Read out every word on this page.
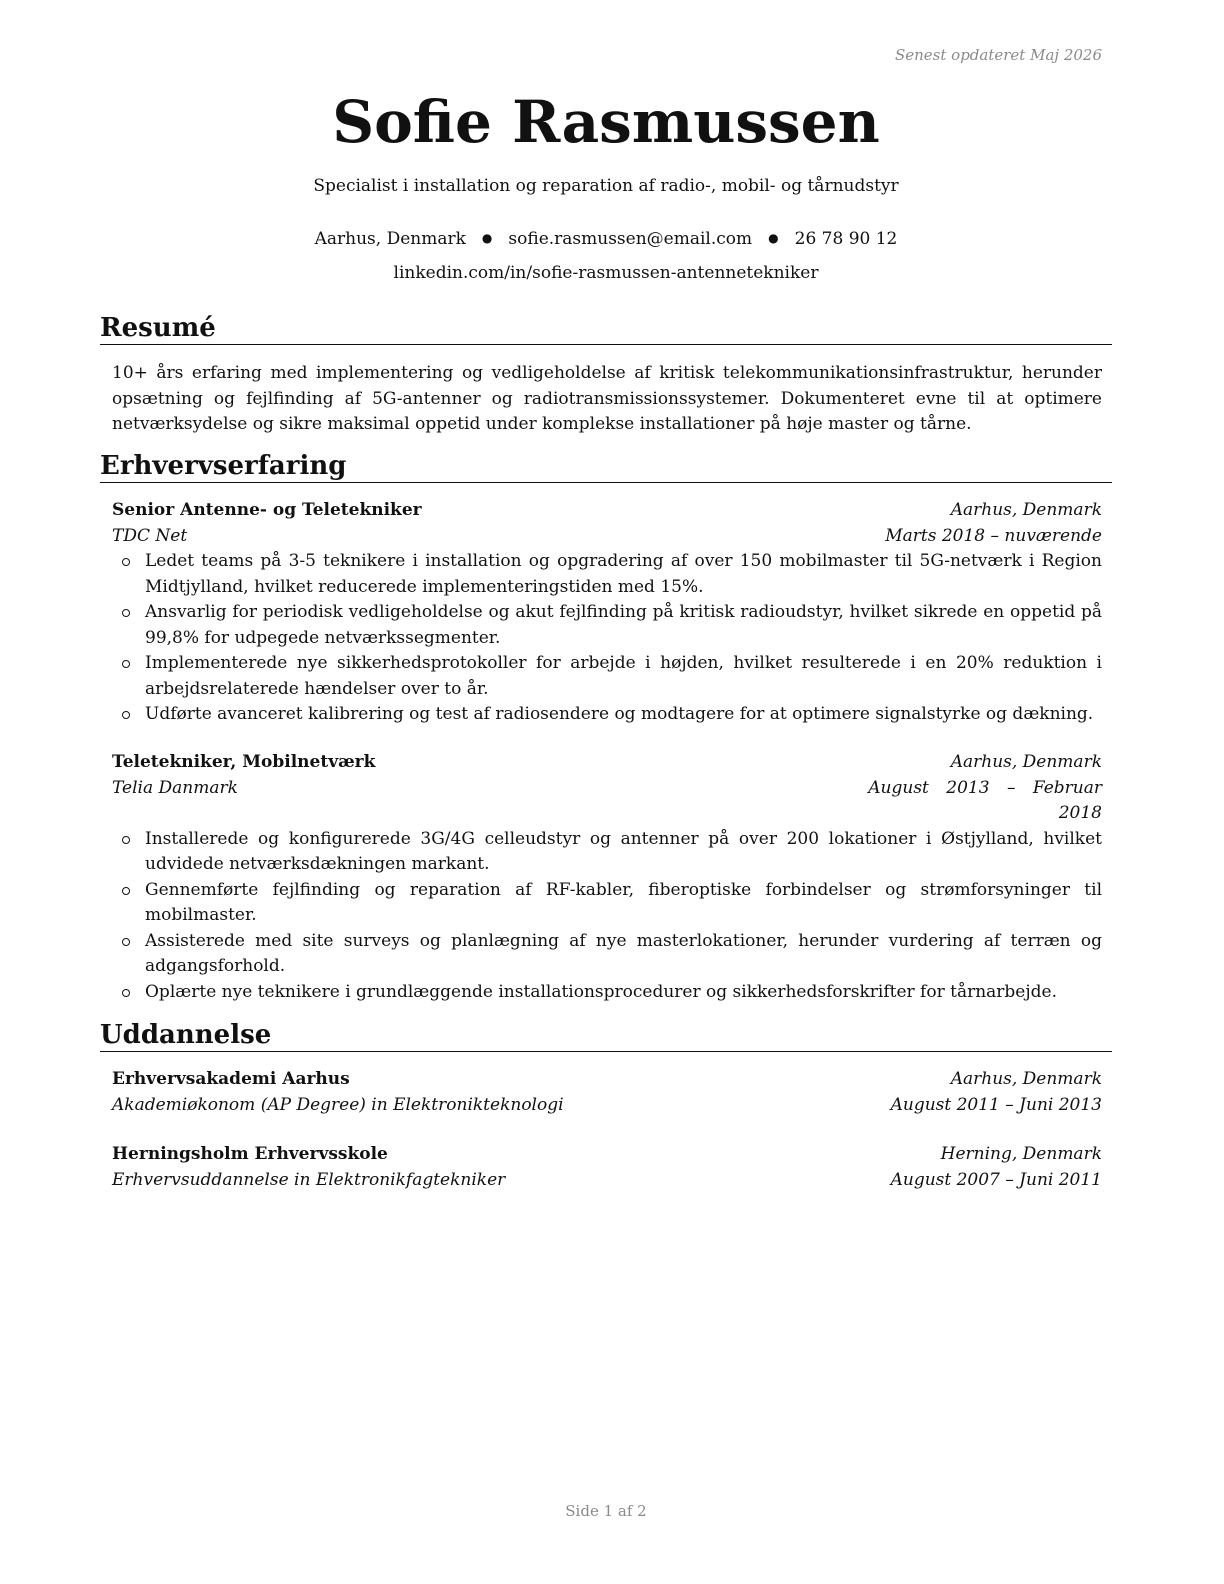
Senest opdateret Maj 2026
Sofie Rasmussen
Specialist i installation og reparation af radio-, mobil- og tårnudstyr
Aarhus, Denmark ● sofie.rasmussen@email.com ● 26 78 90 12
linkedin.com/in/sofie-rasmussen-antennetekniker
Resumé
10+ års erfaring med implementering og vedligeholdelse af kritisk telekommunikationsinfrastruktur, herunder opsætning og fejlfinding af 5G-antenner og radiotransmissionssystemer. Dokumenteret evne til at optimere netværksydelse og sikre maksimal oppetid under komplekse installationer på høje master og tårne.
Erhvervserfaring
Senior Antenne- og Teletekniker	Aarhus, Denmark
TDC Net	Marts 2018 – nuværende
Ledet teams på 3-5 teknikere i installation og opgradering af over 150 mobilmaster til 5G-netværk i Region Midtjylland, hvilket reducerede implementeringstiden med 15%.
Ansvarlig for periodisk vedligeholdelse og akut fejlfinding på kritisk radioudstyr, hvilket sikrede en oppetid på 99,8% for udpegede netværkssegmenter.
Implementerede nye sikkerhedsprotokoller for arbejde i højden, hvilket resulterede i en 20% reduktion i arbejdsrelaterede hændelser over to år.
Udførte avanceret kalibrering og test af radiosendere og modtagere for at optimere signalstyrke og dækning.
Teletekniker, Mobilnetværk	Aarhus, Denmark
Telia Danmark	August 2013 – Februar
2018
Installerede og konfigurerede 3G/4G celleudstyr og antenner på over 200 lokationer i Østjylland, hvilket udvidede netværksdækningen markant.
Gennemførte fejlfinding og reparation af RF-kabler, fiberoptiske forbindelser og strømforsyninger til mobilmaster.
Assisterede med site surveys og planlægning af nye masterlokationer, herunder vurdering af terræn og adgangsforhold.
Oplærte nye teknikere i grundlæggende installationsprocedurer og sikkerhedsforskrifter for tårnarbejde.
Uddannelse
Erhvervsakademi Aarhus	Aarhus, Denmark
Akademiøkonom (AP Degree) in Elektronikteknologi	August 2011 – Juni 2013
Herningsholm Erhvervsskole	Herning, Denmark
Erhvervsuddannelse in Elektronikfagtekniker	August 2007 – Juni 2011
Side 1 af 2
